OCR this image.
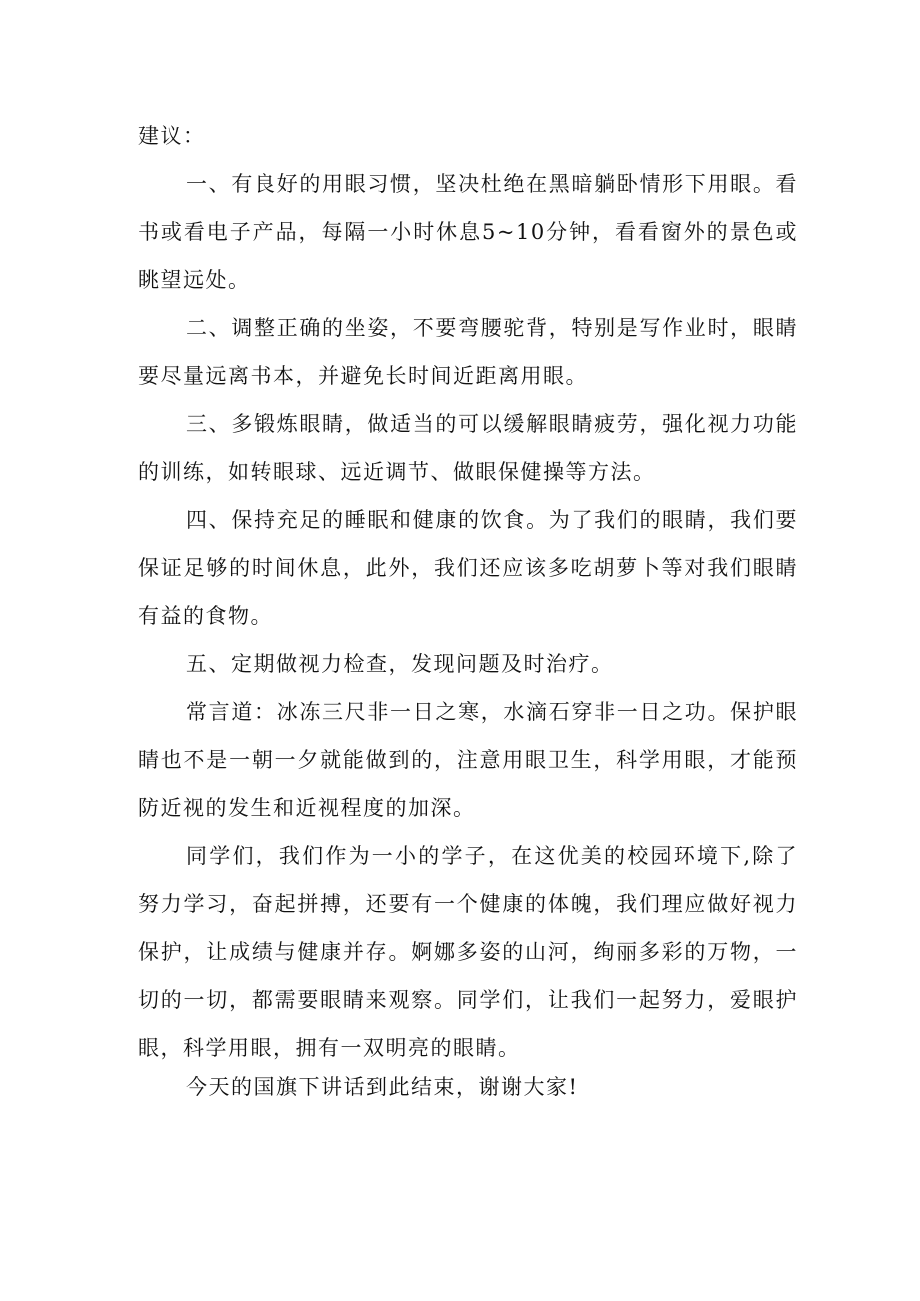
建议：

一、有良好的用眼习惯，坚决杜绝在黑暗躺卧情形下用眼。看书或看电子产品，每隔一小时休息5~10分钟，看看窗外的景色或眺望远处。

二、调整正确的坐姿，不要弯腰驼背，特别是写作业时，眼睛要尽量远离书本，并避免长时间近距离用眼。

三、多锻炼眼睛，做适当的可以缓解眼睛疲劳，强化视力功能的训练，如转眼球、远近调节、做眼保健操等方法。

四、保持充足的睡眠和健康的饮食。为了我们的眼睛，我们要保证足够的时间休息，此外，我们还应该多吃胡萝卜等对我们眼睛有益的食物。

五、定期做视力检查，发现问题及时治疗。

常言道：冰冻三尺非一日之寒，水滴石穿非一日之功。保护眼睛也不是一朝一夕就能做到的，注意用眼卫生，科学用眼，才能预防近视的发生和近视程度的加深。

同学们，我们作为一小的学子，在这优美的校园环境下,除了努力学习，奋起拼搏，还要有一个健康的体魄，我们理应做好视力保护，让成绩与健康并存。婀娜多姿的山河，绚丽多彩的万物，一切的一切，都需要眼睛来观察。同学们，让我们一起努力，爱眼护眼，科学用眼，拥有一双明亮的眼睛。

今天的国旗下讲话到此结束，谢谢大家!
